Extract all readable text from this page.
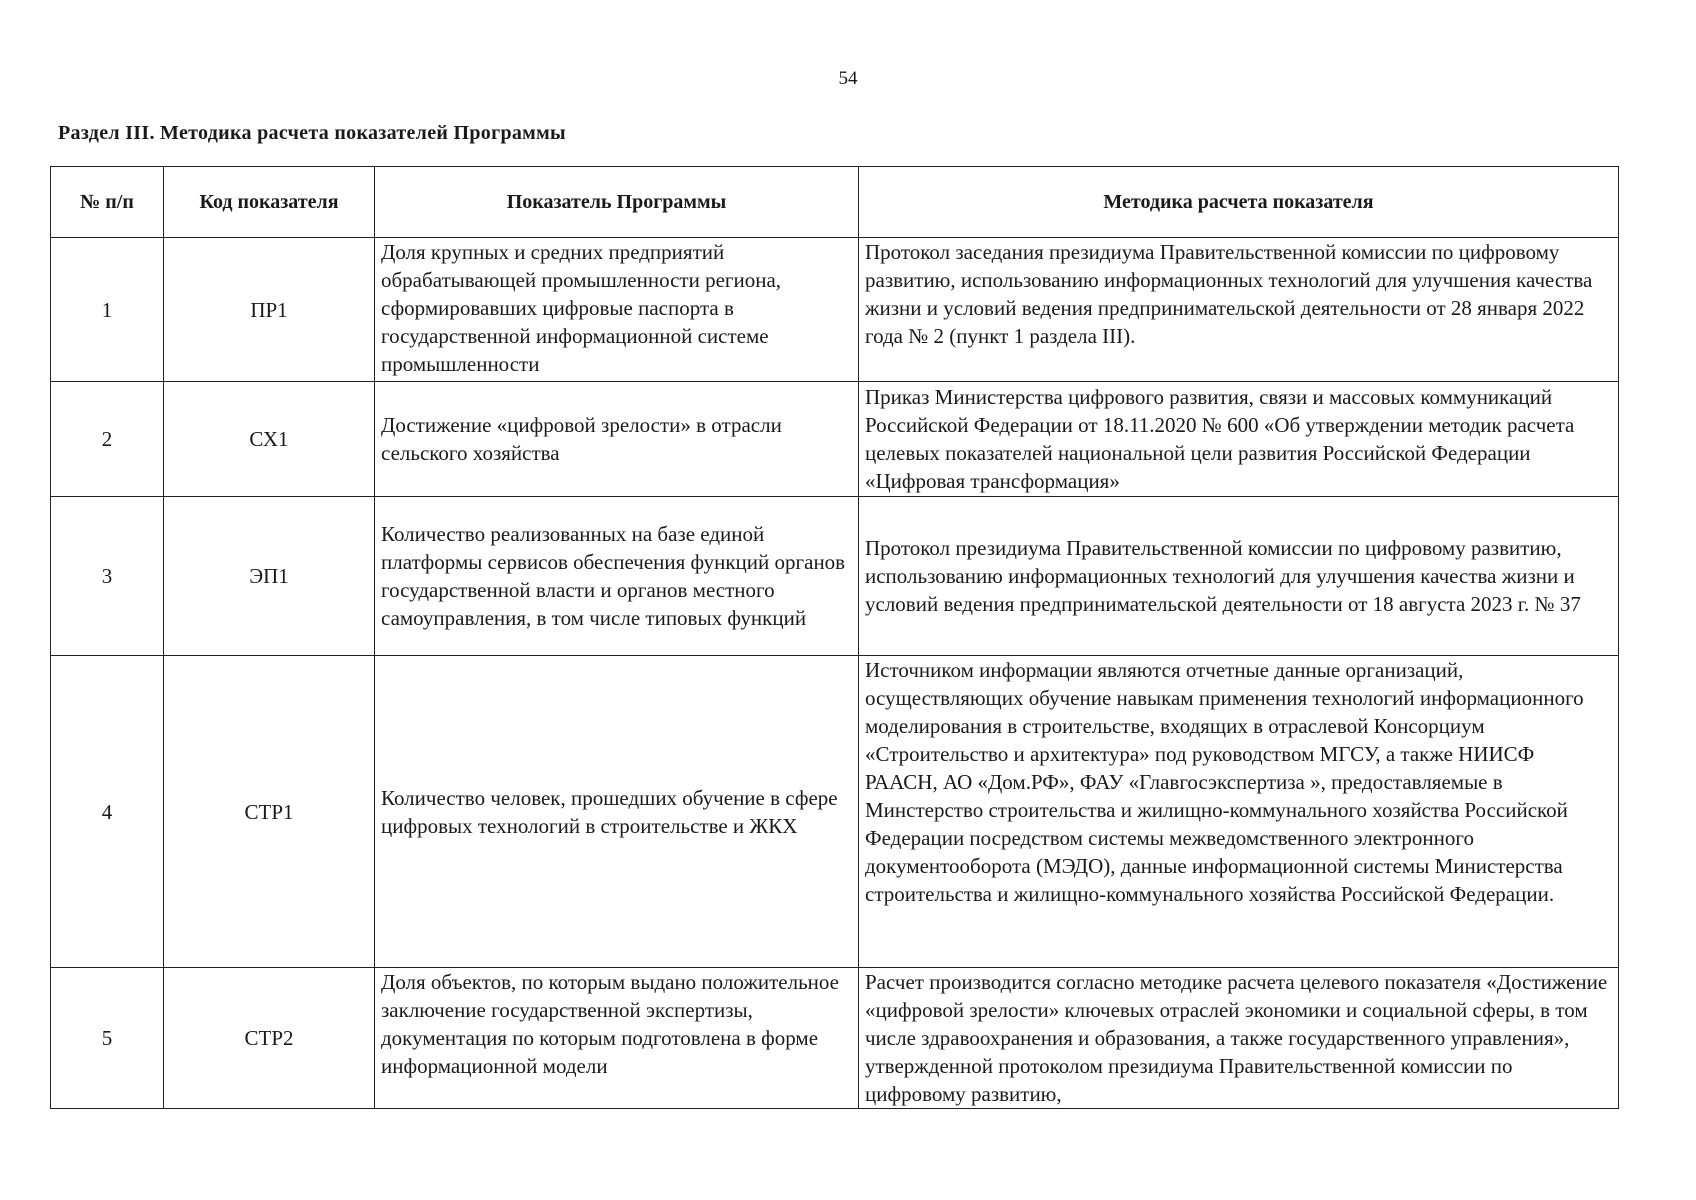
54
Раздел III. Методика расчета показателей Программы
№ п/п	Код показателя	Показатель Программы	Методика расчета показателя
1	ПР1	Доля крупных и средних предприятий обрабатывающей промышленности региона, сформировавших цифровые паспорта в государственной информационной системе промышленности	Протокол заседания президиума Правительственной комиссии по цифровому развитию, использованию информационных технологий для улучшения качества жизни и условий ведения предпринимательской деятельности от 28 января 2022 года № 2 (пункт 1 раздела III).
2	СХ1	Достижение «цифровой зрелости» в отрасли сельского хозяйства	Приказ Министерства цифрового развития, связи и массовых коммуникаций Российской Федерации от 18.11.2020 № 600 «Об утверждении методик расчета целевых показателей национальной цели развития Российской Федерации «Цифровая трансформация»
3	ЭП1	Количество реализованных на базе единой платформы сервисов обеспечения функций органов государственной власти и органов местного самоуправления, в том числе типовых функций	Протокол президиума Правительственной комиссии по цифровому развитию, использованию информационных технологий для улучшения качества жизни и условий ведения предпринимательской деятельности от 18 августа 2023 г. № 37
4	СТР1	Количество человек, прошедших обучение в сфере цифровых технологий в строительстве и ЖКХ	Источником информации являются отчетные данные организаций, осуществляющих обучение навыкам применения технологий информационного моделирования в строительстве, входящих в отраслевой Консорциум «Строительство и архитектура» под руководством МГСУ, а также НИИСФ РААСН, АО «Дом.РФ», ФАУ «Главгосэкспертиза », предоставляемые в Минстерство строительства и жилищно-коммунального хозяйства Российской Федерации посредством системы межведомственного электронного документооборота (МЭДО), данные информационной системы Министерства строительства и жилищно-коммунального хозяйства Российской Федерации.
5	СТР2	Доля объектов, по которым выдано положительное заключение государственной экспертизы, документация по которым подготовлена в форме информационной модели	Расчет производится согласно методике расчета целевого показателя «Достижение «цифровой зрелости» ключевых отраслей экономики и социальной сферы, в том числе здравоохранения и образования, а также государственного управления», утвержденной протоколом президиума Правительственной комиссии по цифровому развитию,
